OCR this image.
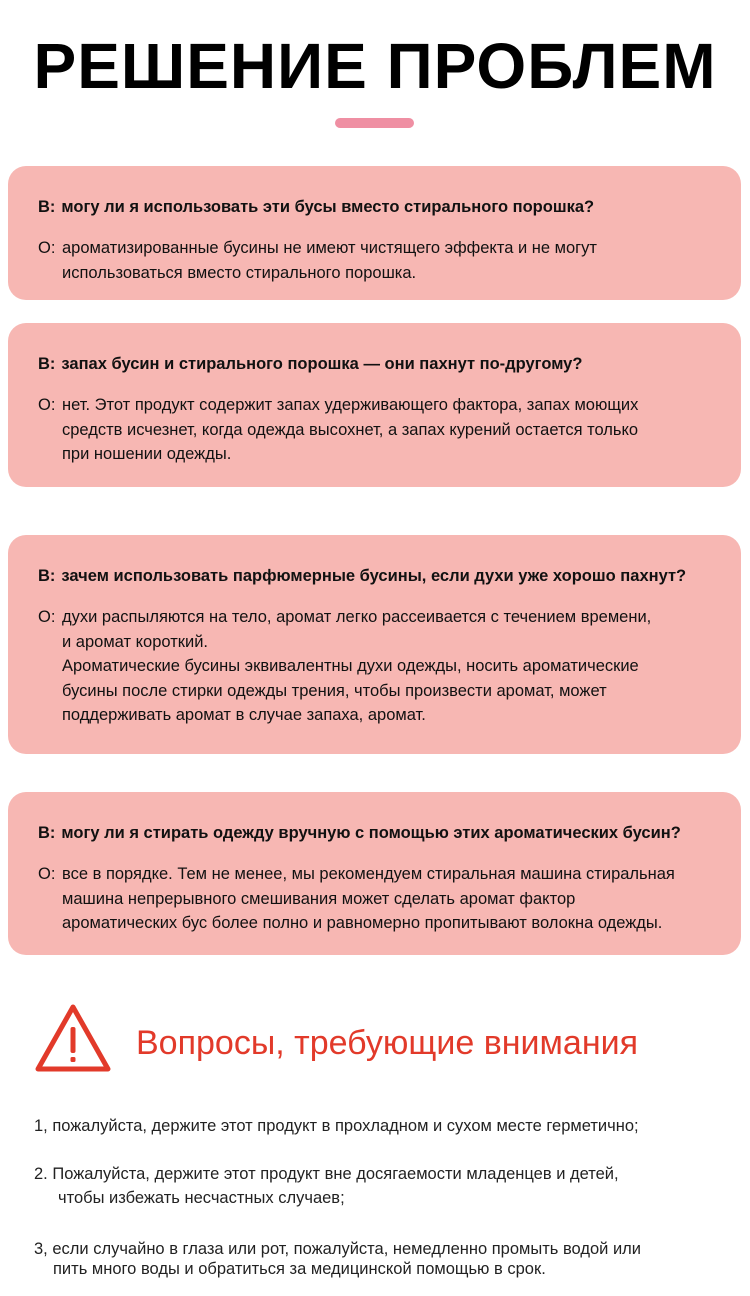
РЕШЕНИЕ ПРОБЛЕМ
В: могу ли я использовать эти бусы вместо стирального порошка?
О: ароматизированные бусины не имеют чистящего эффекта и не могут
использоваться вместо стирального порошка.
В: запах бусин и стирального порошка — они пахнут по-другому?
О: нет. Этот продукт содержит запах удерживающего фактора, запах моющих
средств исчезнет, когда одежда высохнет, а запах курений остается только
при ношении одежды.
В: зачем использовать парфюмерные бусины, если духи уже хорошо пахнут?
О: духи распыляются на тело, аромат легко рассеивается с течением времени,
и аромат короткий.
Ароматические бусины эквивалентны духи одежды, носить ароматические
бусины после стирки одежды трения, чтобы произвести аромат, может
поддерживать аромат в случае запаха, аромат.
В: могу ли я стирать одежду вручную с помощью этих ароматических бусин?
О: все в порядке. Тем не менее, мы рекомендуем стиральная машина стиральная
машина непрерывного смешивания может сделать аромат фактор
ароматических бус более полно и равномерно пропитывают волокна одежды.
Вопросы, требующие внимания
1, пожалуйста, держите этот продукт в прохладном и сухом месте герметично;
2. Пожалуйста, держите этот продукт вне досягаемости младенцев и детей,
чтобы избежать несчастных случаев;
3, если случайно в глаза или рот, пожалуйста, немедленно промыть водой или
пить много воды и обратиться за медицинской помощью в срок.
